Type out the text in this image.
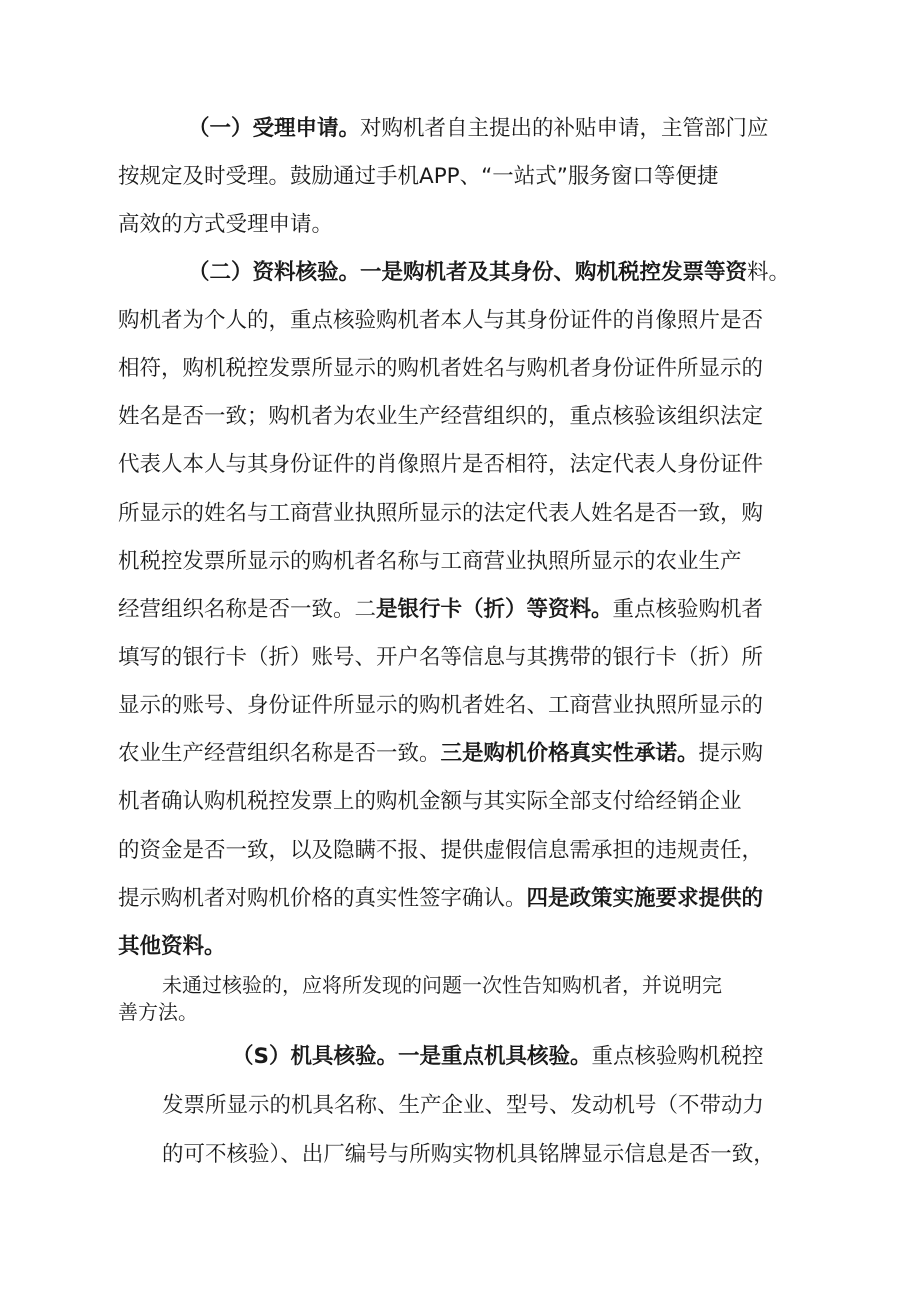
（一）受理申请。对购机者自主提出的补贴申请，主管部门应
按规定及时受理。鼓励通过手机APP、“一站式”服务窗口等便捷
高效的方式受理申请。
（二）资料核验。一是购机者及其身份、购机税控发票等资料。
购机者为个人的，重点核验购机者本人与其身份证件的肖像照片是否
相符，购机税控发票所显示的购机者姓名与购机者身份证件所显示的
姓名是否一致；购机者为农业生产经营组织的，重点核验该组织法定
代表人本人与其身份证件的肖像照片是否相符，法定代表人身份证件
所显示的姓名与工商营业执照所显示的法定代表人姓名是否一致，购
机税控发票所显示的购机者名称与工商营业执照所显示的农业生产
经营组织名称是否一致。二是银行卡（折）等资料。重点核验购机者
填写的银行卡（折）账号、开户名等信息与其携带的银行卡（折）所
显示的账号、身份证件所显示的购机者姓名、工商营业执照所显示的
农业生产经营组织名称是否一致。三是购机价格真实性承诺。提示购
机者确认购机税控发票上的购机金额与其实际全部支付给经销企业
的资金是否一致，以及隐瞒不报、提供虚假信息需承担的违规责任，
提示购机者对购机价格的真实性签字确认。四是政策实施要求提供的
其他资料。
未通过核验的，应将所发现的问题一次性告知购机者，并说明完
善方法。
（S）机具核验。一是重点机具核验。重点核验购机税控
发票所显示的机具名称、生产企业、型号、发动机号（不带动力
的可不核验）、出厂编号与所购实物机具铭牌显示信息是否一致，
